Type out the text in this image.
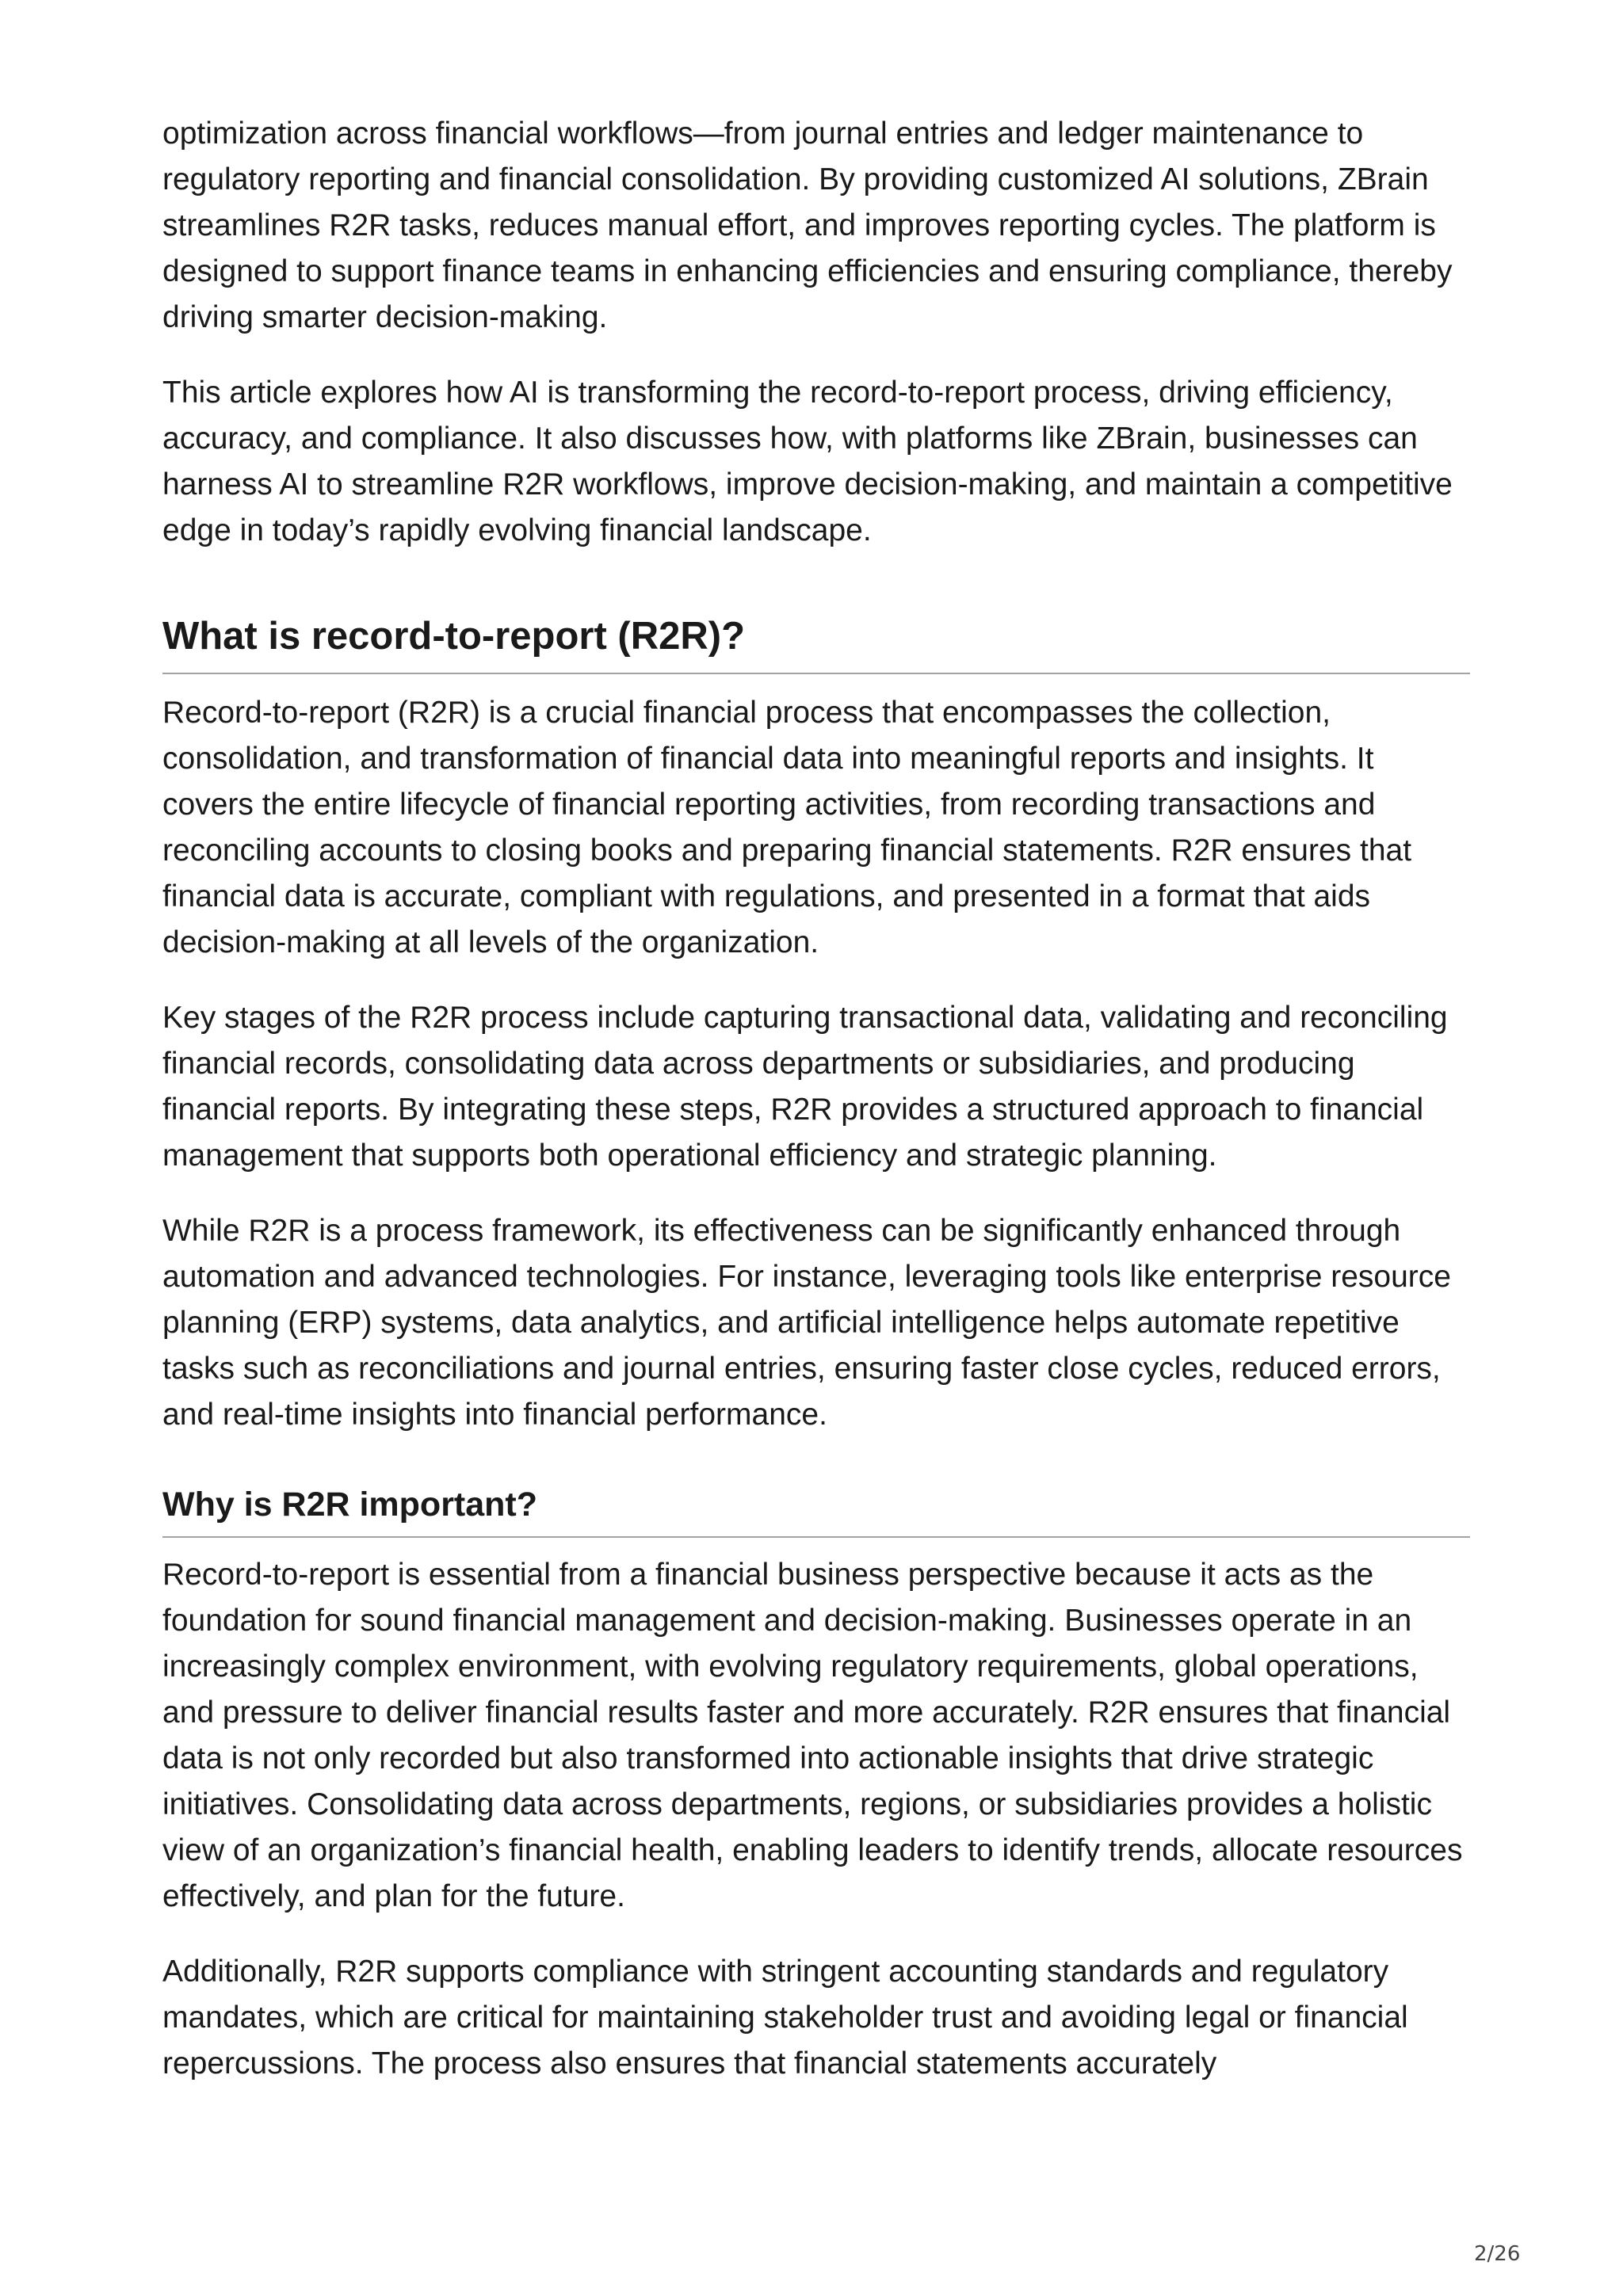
optimization across financial workflows—from journal entries and ledger maintenance to regulatory reporting and financial consolidation. By providing customized AI solutions, ZBrain streamlines R2R tasks, reduces manual effort, and improves reporting cycles. The platform is designed to support finance teams in enhancing efficiencies and ensuring compliance, thereby driving smarter decision-making.

This article explores how AI is transforming the record-to-report process, driving efficiency, accuracy, and compliance. It also discusses how, with platforms like ZBrain, businesses can harness AI to streamline R2R workflows, improve decision-making, and maintain a competitive edge in today’s rapidly evolving financial landscape.

What is record-to-report (R2R)?

Record-to-report (R2R) is a crucial financial process that encompasses the collection, consolidation, and transformation of financial data into meaningful reports and insights. It covers the entire lifecycle of financial reporting activities, from recording transactions and reconciling accounts to closing books and preparing financial statements. R2R ensures that financial data is accurate, compliant with regulations, and presented in a format that aids decision-making at all levels of the organization.

Key stages of the R2R process include capturing transactional data, validating and reconciling financial records, consolidating data across departments or subsidiaries, and producing financial reports. By integrating these steps, R2R provides a structured approach to financial management that supports both operational efficiency and strategic planning.

While R2R is a process framework, its effectiveness can be significantly enhanced through automation and advanced technologies. For instance, leveraging tools like enterprise resource planning (ERP) systems, data analytics, and artificial intelligence helps automate repetitive tasks such as reconciliations and journal entries, ensuring faster close cycles, reduced errors, and real-time insights into financial performance.

Why is R2R important?

Record-to-report is essential from a financial business perspective because it acts as the foundation for sound financial management and decision-making. Businesses operate in an increasingly complex environment, with evolving regulatory requirements, global operations, and pressure to deliver financial results faster and more accurately. R2R ensures that financial data is not only recorded but also transformed into actionable insights that drive strategic initiatives. Consolidating data across departments, regions, or subsidiaries provides a holistic view of an organization’s financial health, enabling leaders to identify trends, allocate resources effectively, and plan for the future.

Additionally, R2R supports compliance with stringent accounting standards and regulatory mandates, which are critical for maintaining stakeholder trust and avoiding legal or financial repercussions. The process also ensures that financial statements accurately

2/26
